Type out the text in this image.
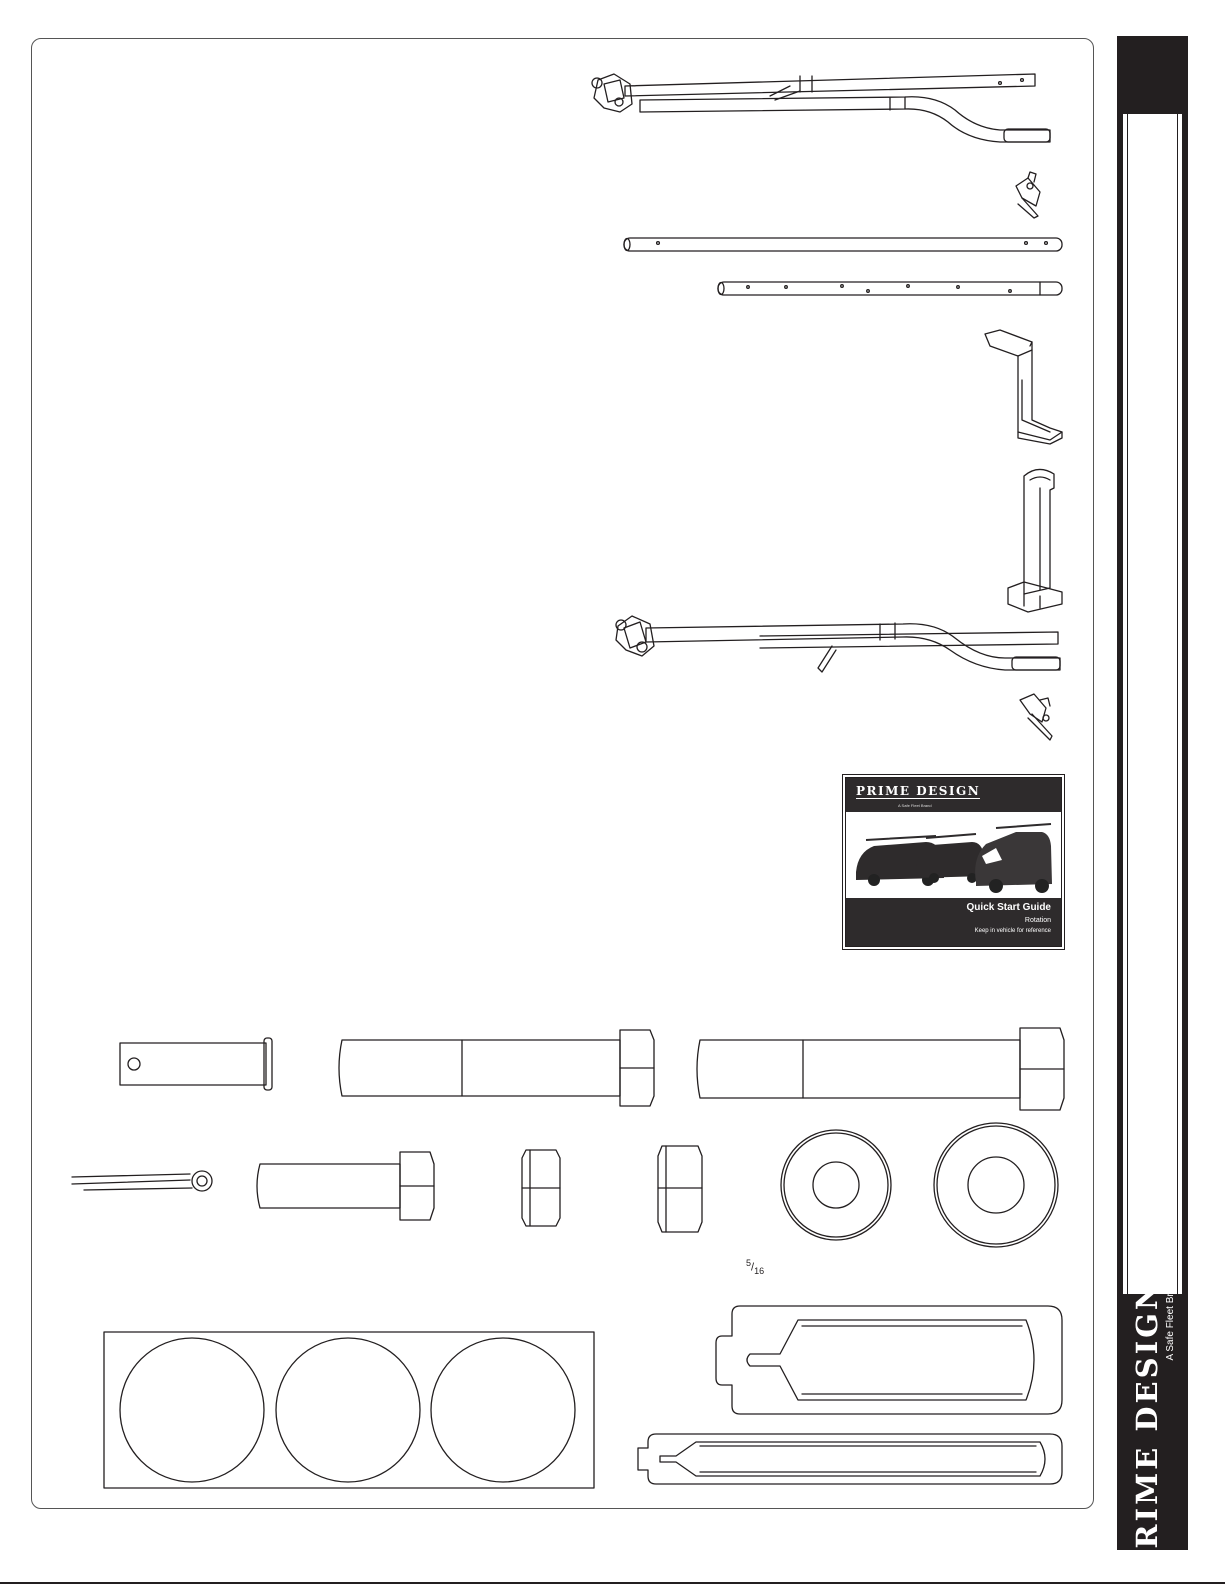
PRIME DESIGN
A Safe Fleet Brand
Quick Start Guide
Rotation
Keep in vehicle for reference
$^5/_{16}$
PRIME DESIGN™
A Safe Fleet Brand
